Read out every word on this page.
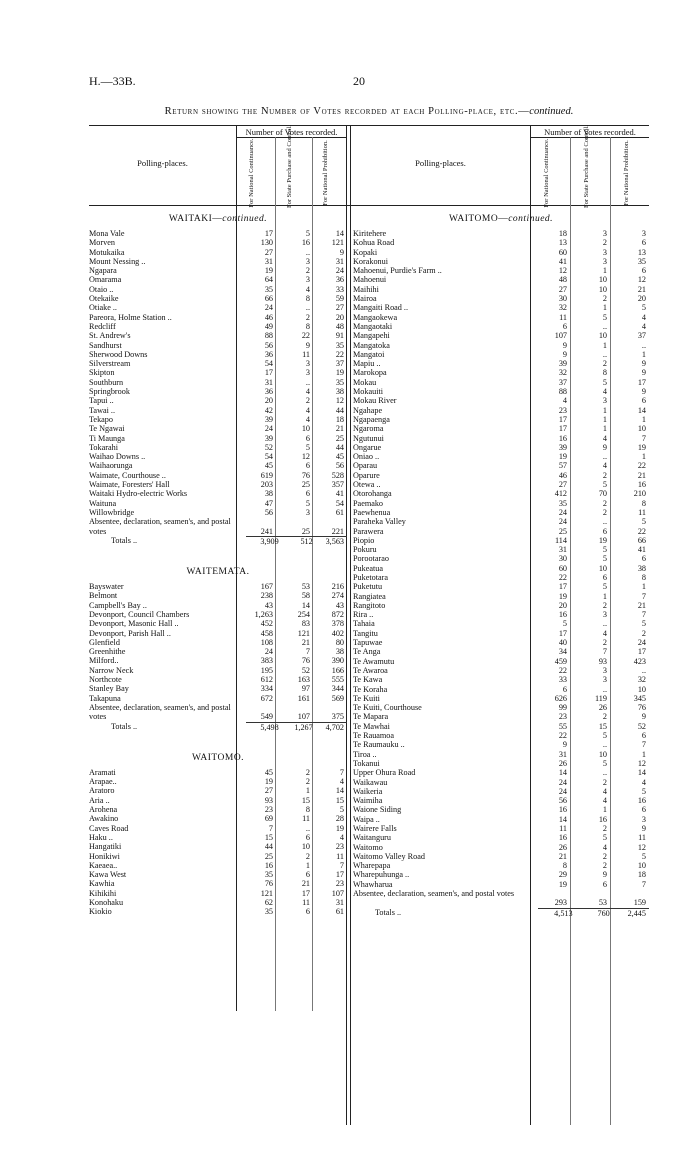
H.—33B.	20
Return showing the Number of Votes recorded at each Polling-place, etc.—continued.
Number of Votes recorded.
Polling-places.	For National Continuance.	For State Purchase and Control.	For National Prohibition.
Number of Votes recorded.
Polling-places.	For National Continuance.	For State Purchase and Control.	For National Prohibition.
WAITAKI—continued.
Mona Vale	17	5	14
Morven	130	16	121
Motukaika	27	..	9
Mount Nessing ..	31	3	31
Ngapara	19	2	24
Omarama	64	3	36
Otaio ..	35	4	33
Otekaike	66	8	59
Otiake ..	24	..	27
Pareora, Holme Station ..	46	2	20
Redcliff	49	8	48
St. Andrew's	88	22	91
Sandhurst	56	9	35
Sherwood Downs	36	11	22
Silverstream	54	3	37
Skipton	17	3	19
Southburn	31	..	35
Springbrook	36	4	38
Tapui ..	20	2	12
Tawai ..	42	4	44
Tekapo	39	4	18
Te Ngawai	24	10	21
Ti Maunga	39	6	25
Tokarahi	52	5	44
Waihao Downs ..	54	12	45
Waihaorunga	45	6	56
Waimate, Courthouse ..	619	76	528
Waimate, Foresters' Hall	203	25	357
Waitaki Hydro-electric Works	38	6	41
Waituna	47	5	54
Willowbridge	56	3	61
Absentee, declaration, seamen's, and postal votes	241	25	221
Totals ..	3,909	512	3,563
WAITEMATA.
Bayswater	167	53	216
Belmont	238	58	274
Campbell's Bay ..	43	14	43
Devonport, Council Chambers	1,263	254	872
Devonport, Masonic Hall ..	452	83	378
Devonport, Parish Hall ..	458	121	402
Glenfield	108	21	80
Greenhithe	24	7	38
Milford..	383	76	390
Narrow Neck	195	52	166
Northcote	612	163	555
Stanley Bay	334	97	344
Takapuna	672	161	569
Absentee, declaration, seamen's, and postal votes	549	107	375
Totals ..	5,498	1,267	4,702
WAITOMO.
Aramati	45	2	7
Arapae..	19	2	4
Aratoro	27	1	14
Aria ..	93	15	15
Arohena	23	8	5
Awakino	69	11	28
Caves Road	7	..	19
Haku ..	15	6	4
Hangatiki	44	10	23
Honikiwi	25	2	11
Kaeaea..	16	1	7
Kawa West	35	6	17
Kawhia	76	21	23
Kihikihi	121	17	107
Konohaku	62	11	31
Kiokio	35	6	61
WAITOMO—continued.
Kiritehere	18	3	3
Kohua Road	13	2	6
Kopaki	60	3	13
Korakonui	41	3	35
Mahoenui, Purdie's Farm ..	12	1	6
Mahoenui	48	10	12
Maihihi	27	10	21
Mairoa	30	2	20
Mangaiti Road ..	32	1	5
Mangaokewa	11	5	4
Mangaotaki	6	..	4
Mangapehi	107	10	37
Mangatoka	9	1	..
Mangatoi	9	..	1
Mapiu ..	39	2	9
Marokopa	32	8	9
Mokau	37	5	17
Mokauiti	88	4	9
Mokau River	4	3	6
Ngahape	23	1	14
Ngapaenga	17	1	1
Ngaroma	17	1	10
Ngutunui	16	4	7
Ongarue	39	9	19
Oniao ..	19	..	1
Oparau	57	4	22
Oparure	46	2	21
Otewa ..	27	5	16
Otorohanga	412	70	210
Paemako	35	2	8
Paewhenua	24	2	11
Paraheka Valley	24	..	5
Parawera	25	6	22
Piopio	114	19	66
Pokuru	31	5	41
Porootarao	30	5	6
Pukeatua	60	10	38
Puketotara	22	6	8
Puketutu	17	5	1
Rangiatea	19	1	7
Rangitoto	20	2	21
Rira ..	16	3	7
Tahaia	5	..	5
Tangitu	17	4	2
Tapuwae	40	2	24
Te Anga	34	7	17
Te Awamutu	459	93	423
Te Awaroa	22	3	..
Te Kawa	33	3	32
Te Koraha	6	..	10
Te Kuiti	626	119	345
Te Kuiti, Courthouse	99	26	76
Te Mapara	23	2	9
Te Mawhai	55	15	52
Te Rauamoa	22	5	6
Te Raumauku ..	9	..	7
Tiroa ..	31	10	1
Tokanui	26	5	12
Upper Ohura Road	14	..	14
Waikawau	24	2	4
Waikeria	24	4	5
Waimiha	56	4	16
Waione Siding	16	1	6
Waipa ..	14	16	3
Wairere Falls	11	2	9
Waitanguru	16	5	11
Waitomo	26	4	12
Waitomo Valley Road	21	2	5
Wharepapa	8	2	10
Wharepuhunga ..	29	9	18
Whawharua	19	6	7
Absentee, declaration, seamen's, and postal votes
293	53	159
Totals ..	4,513	760	2,445
